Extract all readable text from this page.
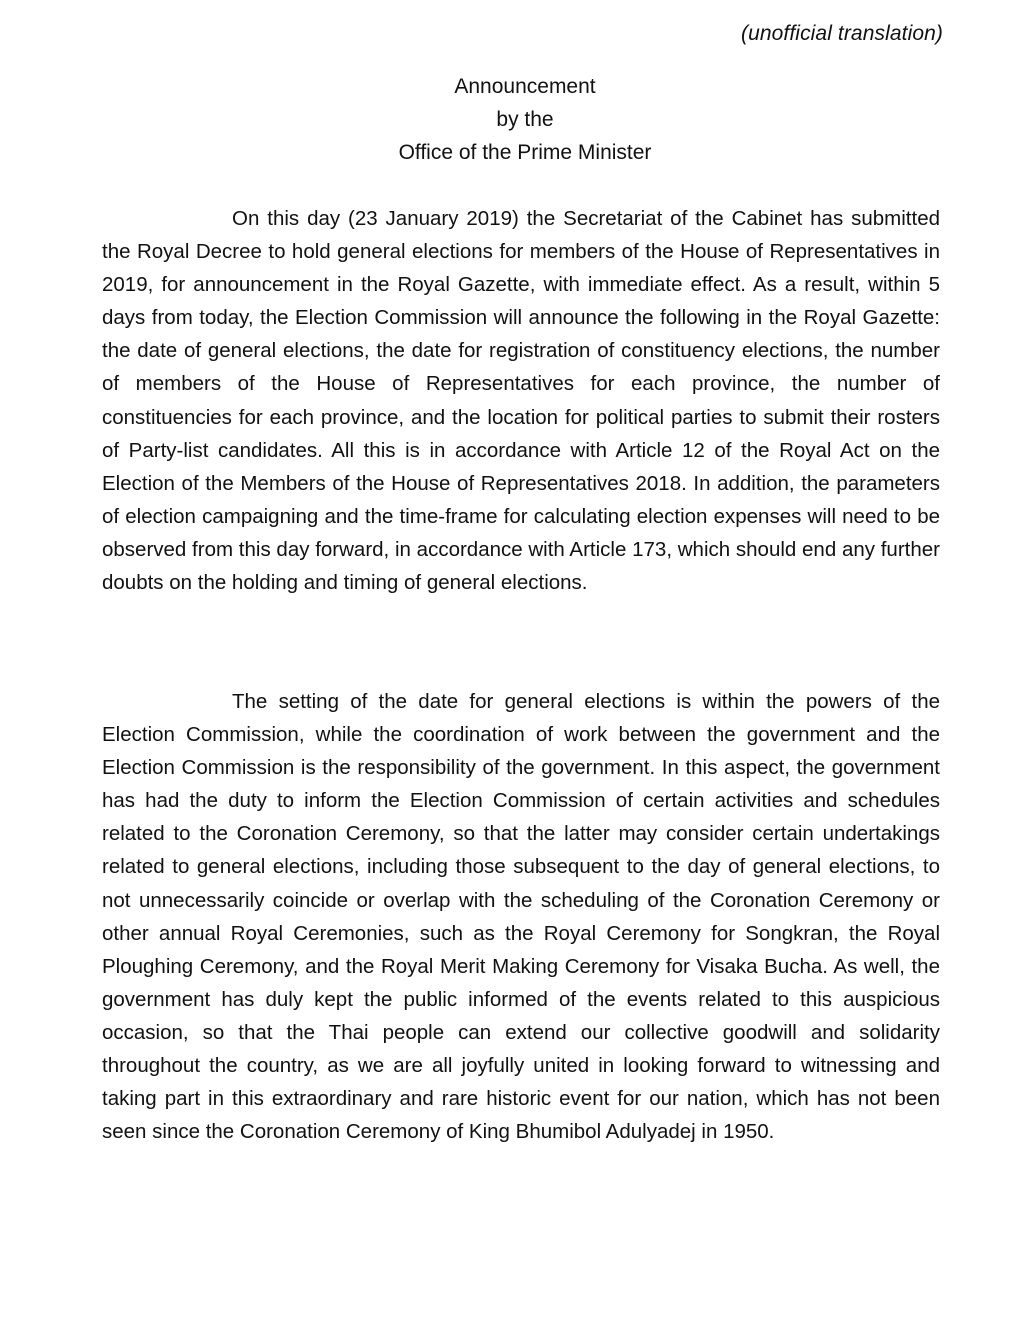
(unofficial translation)
Announcement
by the
Office of the Prime Minister

On this day (23 January 2019) the Secretariat of the Cabinet has submitted the Royal Decree to hold general elections for members of the House of Representatives in 2019, for announcement in the Royal Gazette, with immediate effect. As a result, within 5 days from today, the Election Commission will announce the following in the Royal Gazette: the date of general elections, the date for registration of constituency elections, the number of members of the House of Representatives for each province, the number of constituencies for each province, and the location for political parties to submit their rosters of Party-list candidates. All this is in accordance with Article 12 of the Royal Act on the Election of the Members of the House of Representatives 2018. In addition, the parameters of election campaigning and the time-frame for calculating election expenses will need to be observed from this day forward, in accordance with Article 173, which should end any further doubts on the holding and timing of general elections.

The setting of the date for general elections is within the powers of the Election Commission, while the coordination of work between the government and the Election Commission is the responsibility of the government. In this aspect, the government has had the duty to inform the Election Commission of certain activities and schedules related to the Coronation Ceremony, so that the latter may consider certain undertakings related to general elections, including those subsequent to the day of general elections, to not unnecessarily coincide or overlap with the scheduling of the Coronation Ceremony or other annual Royal Ceremonies, such as the Royal Ceremony for Songkran, the Royal Ploughing Ceremony, and the Royal Merit Making Ceremony for Visaka Bucha. As well, the government has duly kept the public informed of the events related to this auspicious occasion, so that the Thai people can extend our collective goodwill and solidarity throughout the country, as we are all joyfully united in looking forward to witnessing and taking part in this extraordinary and rare historic event for our nation, which has not been seen since the Coronation Ceremony of King Bhumibol Adulyadej in 1950.
